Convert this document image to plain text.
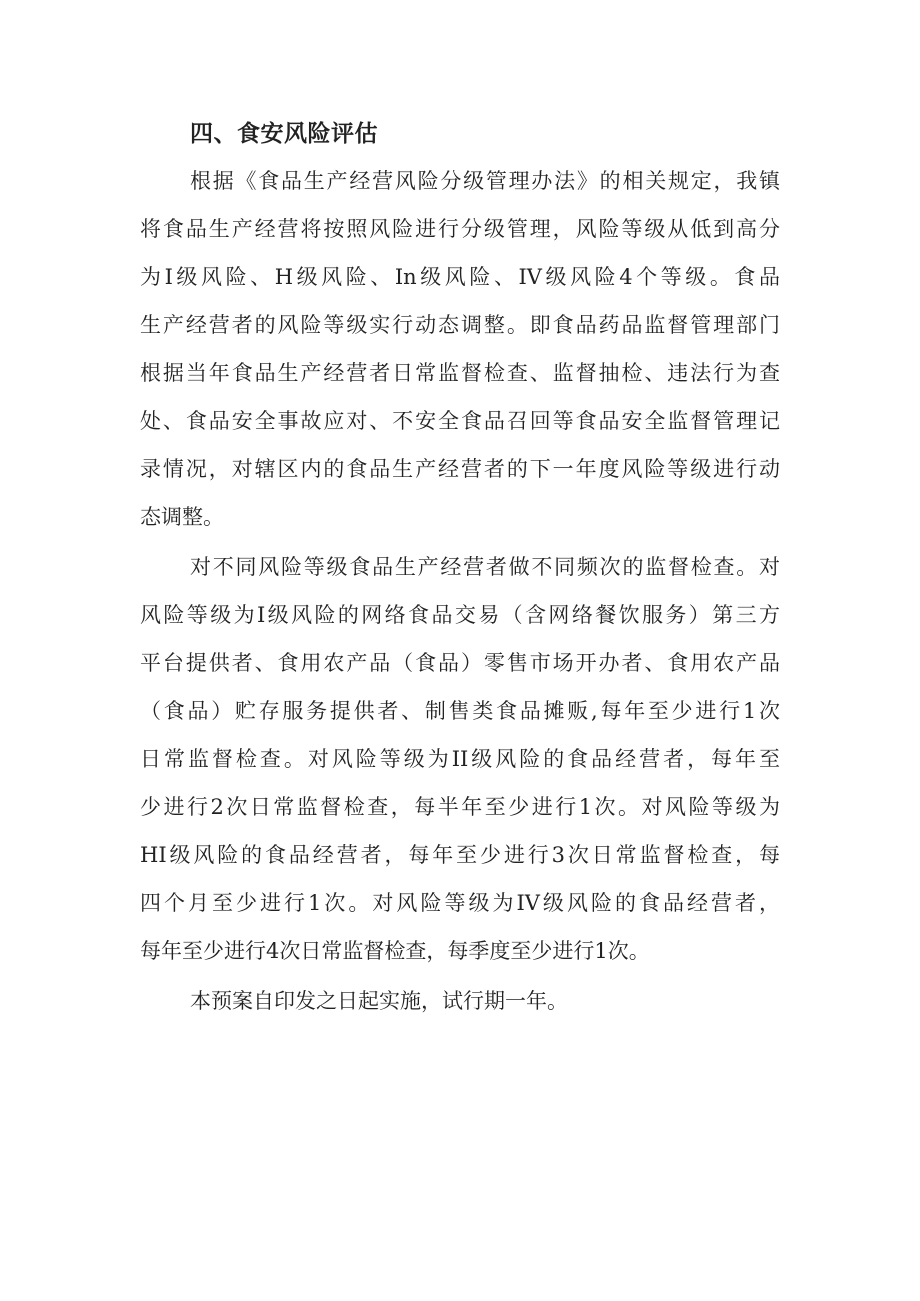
四、食安风险评估
根据《食品生产经营风险分级管理办法》的相关规定，我镇
将食品生产经营将按照风险进行分级管理，风险等级从低到高分
为Ⅰ级风险、H级风险、In级风险、IV级风险4个等级。食品
生产经营者的风险等级实行动态调整。即食品药品监督管理部门
根据当年食品生产经营者日常监督检查、监督抽检、违法行为查
处、食品安全事故应对、不安全食品召回等食品安全监督管理记
录情况，对辖区内的食品生产经营者的下一年度风险等级进行动
态调整。
对不同风险等级食品生产经营者做不同频次的监督检查。对
风险等级为Ⅰ级风险的网络食品交易（含网络餐饮服务）第三方
平台提供者、食用农产品（食品）零售市场开办者、食用农产品
（食品）贮存服务提供者、制售类食品摊贩,每年至少进行1次
日常监督检查。对风险等级为II级风险的食品经营者，每年至
少进行2次日常监督检查，每半年至少进行1次。对风险等级为
HI级风险的食品经营者，每年至少进行3次日常监督检查，每
四个月至少进行1次。对风险等级为IV级风险的食品经营者，
每年至少进行4次日常监督检查，每季度至少进行1次。
本预案自印发之日起实施，试行期一年。
